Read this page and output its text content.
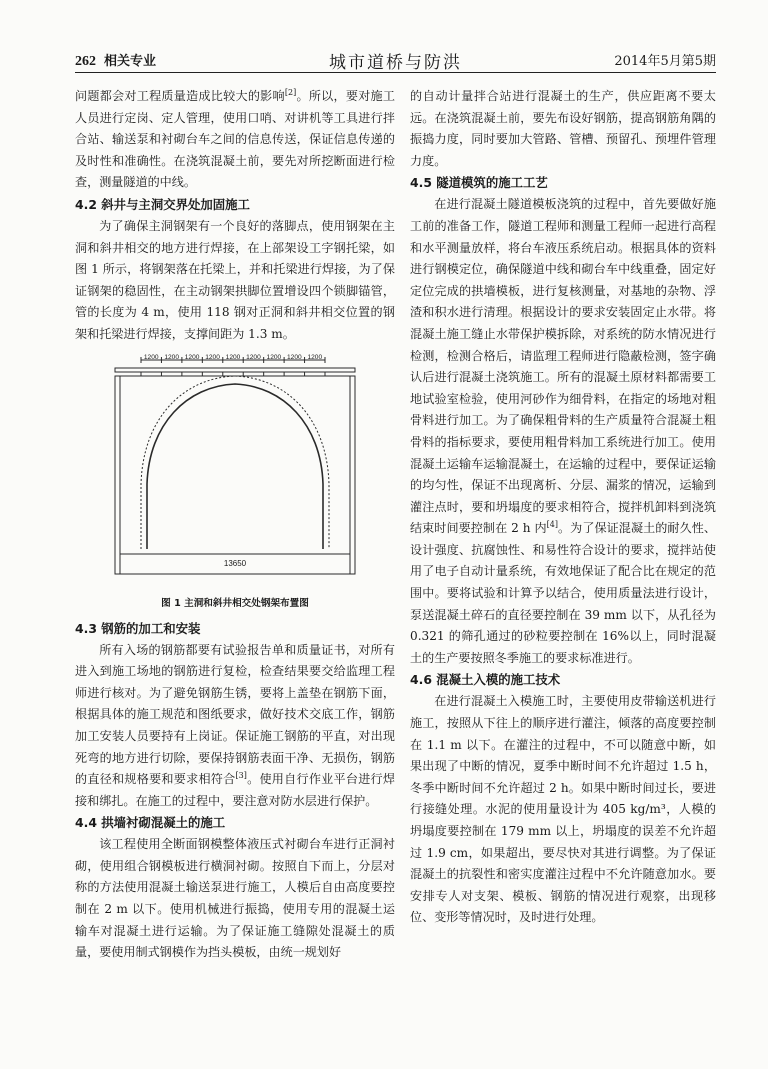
262 相关专业	城市道桥与防洪	2014年5月第5期

问题都会对工程质量造成比较大的影响[2]。所以，要对施工人员进行定岗、定人管理，使用口哨、对讲机等工具进行拌合站、输送泵和衬砌台车之间的信息传送，保证信息传递的及时性和准确性。在浇筑混凝土前，要先对所挖断面进行检查，测量隧道的中线。

4.2 斜井与主洞交界处加固施工

为了确保主洞钢架有一个良好的落脚点，使用钢架在主洞和斜井相交的地方进行焊接，在上部架设工字钢托梁，如图 1 所示，将钢架落在托梁上，并和托梁进行焊接，为了保证钢架的稳固性，在主动钢架拱脚位置增设四个锁脚锚管，管的长度为 4 m，使用 118 钢对正洞和斜井相交位置的钢架和托梁进行焊接，支撑间距为 1.3 m。

1200 1200 1200 1200 1200 1200 1200 1200 1200
13650
图 1 主洞和斜井相交处钢架布置图

4.3 钢筋的加工和安装

所有入场的钢筋都要有试验报告单和质量证书，对所有进入到施工场地的钢筋进行复检，检查结果要交给监理工程师进行核对。为了避免钢筋生锈，要将上盖垫在钢筋下面，根据具体的施工规范和图纸要求，做好技术交底工作，钢筋加工安装人员要持有上岗证。保证施工钢筋的平直，对出现死弯的地方进行切除，要保持钢筋表面干净、无损伤，钢筋的直径和规格要和要求相符合[3]。使用自行作业平台进行焊接和绑扎。在施工的过程中，要注意对防水层进行保护。

4.4 拱墙衬砌混凝土的施工

该工程使用全断面钢模整体液压式衬砌台车进行正洞衬砌，使用组合钢模板进行横洞衬砌。按照自下而上，分层对称的方法使用混凝土输送泵进行施工，人模后自由高度要控制在 2 m 以下。使用机械进行振捣，使用专用的混凝土运输车对混凝土进行运输。为了保证施工缝隙处混凝土的质量，要使用制式钢模作为挡头模板，由统一规划好

的自动计量拌合站进行混凝土的生产，供应距离不要太远。在浇筑混凝土前，要先布设好钢筋，提高钢筋角隅的振捣力度，同时要加大管路、管槽、预留孔、预埋件管理力度。

4.5 隧道模筑的施工工艺

在进行混凝土隧道模板浇筑的过程中，首先要做好施工前的准备工作，隧道工程师和测量工程师一起进行高程和水平测量放样，将台车液压系统启动。根据具体的资料进行钢模定位，确保隧道中线和砌台车中线重叠，固定好定位完成的拱墙模板，进行复核测量，对基地的杂物、浮渣和积水进行清理。根据设计的要求安装固定止水带。将混凝土施工缝止水带保护模拆除，对系统的防水情况进行检测，检测合格后，请监理工程师进行隐蔽检测，签字确认后进行混凝土浇筑施工。所有的混凝土原材料都需要工地试验室检验，使用河砂作为细骨料，在指定的场地对粗骨料进行加工。为了确保粗骨料的生产质量符合混凝土粗骨料的指标要求，要使用粗骨料加工系统进行加工。使用混凝土运输车运输混凝土，在运输的过程中，要保证运输的均匀性，保证不出现离析、分层、漏浆的情况，运输到灌注点时，要和坍塌度的要求相符合，搅拌机卸料到浇筑结束时间要控制在 2 h 内[4]。为了保证混凝土的耐久性、设计强度、抗腐蚀性、和易性符合设计的要求，搅拌站使用了电子自动计量系统，有效地保证了配合比在规定的范围中。要将试验和计算予以结合，使用质量法进行设计，泵送混凝土碎石的直径要控制在 39 mm 以下，从孔径为 0.321 的筛孔通过的砂粒要控制在 16%以上，同时混凝土的生产要按照冬季施工的要求标准进行。

4.6 混凝土入模的施工技术

在进行混凝土入模施工时，主要使用皮带输送机进行施工，按照从下往上的顺序进行灌注，倾落的高度要控制在 1.1 m 以下。在灌注的过程中，不可以随意中断，如果出现了中断的情况，夏季中断时间不允许超过 1.5 h，冬季中断时间不允许超过 2 h。如果中断时间过长，要进行接缝处理。水泥的使用量设计为 405 kg/m³，人模的坍塌度要控制在 179 mm 以上，坍塌度的误差不允许超过 1.9 cm，如果超出，要尽快对其进行调整。为了保证混凝土的抗裂性和密实度灌注过程中不允许随意加水。要安排专人对支架、模板、钢筋的情况进行观察，出现移位、变形等情况时，及时进行处理。
